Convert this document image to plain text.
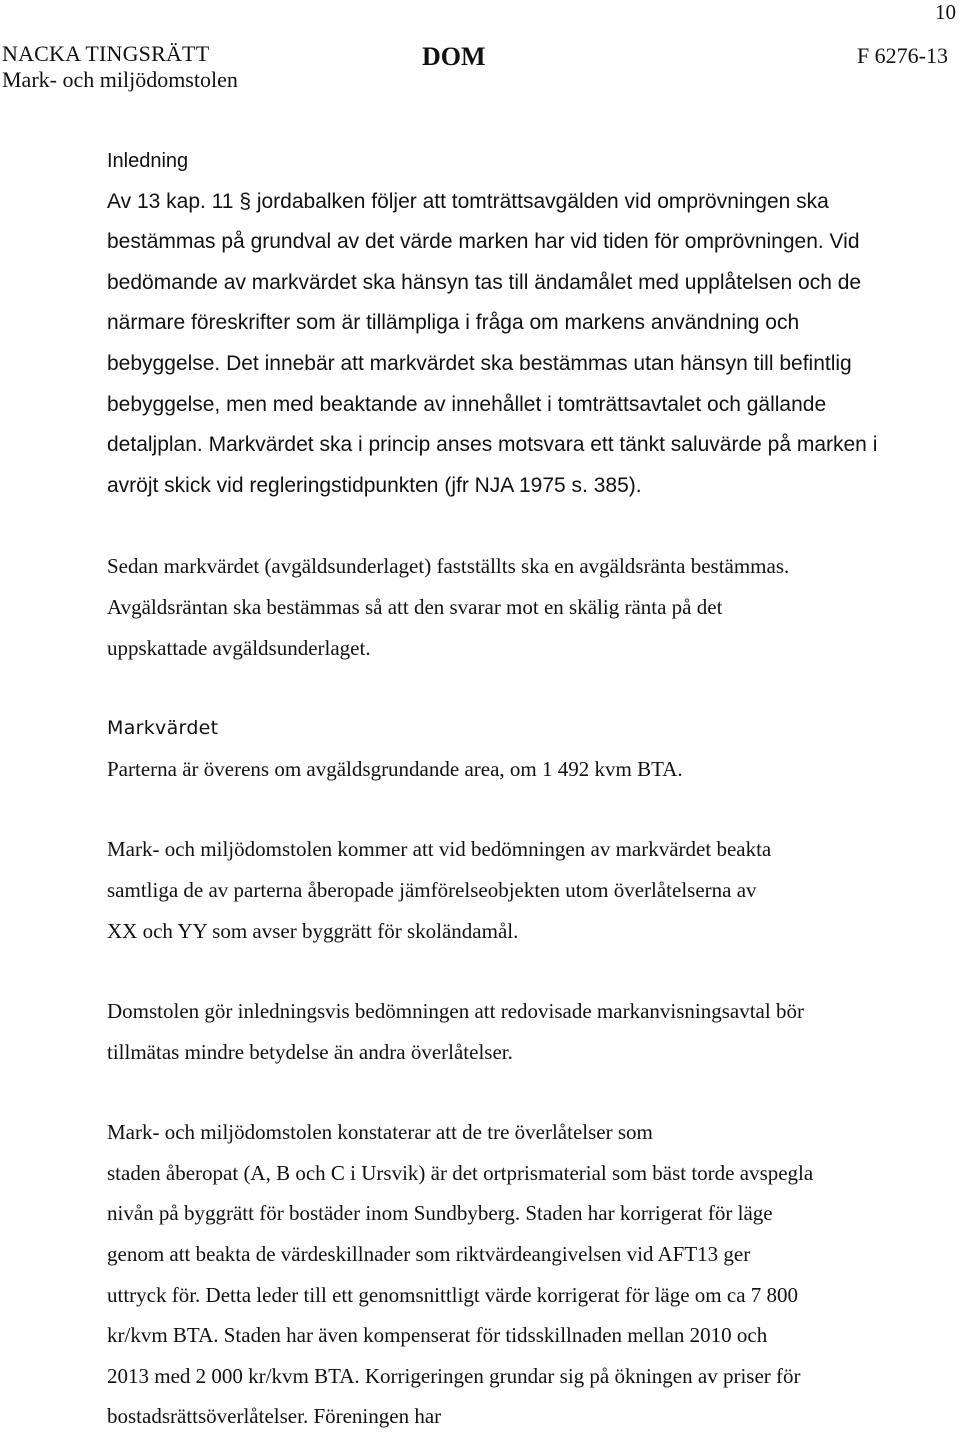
10
NACKA TINGSRÄTT
Mark- och miljödomstolen
DOM	F 6276-13
Inledning

Av 13 kap. 11 § jordabalken följer att tomträttsavgälden vid omprövningen ska

bestämmas på grundval av det värde marken har vid tiden för omprövningen. Vid

bedömande av markvärdet ska hänsyn tas till ändamålet med upplåtelsen och de

närmare föreskrifter som är tillämpliga i fråga om markens användning och

bebyggelse. Det innebär att markvärdet ska bestämmas utan hänsyn till befintlig

bebyggelse, men med beaktande av innehållet i tomträttsavtalet och gällande

detaljplan. Markvärdet ska i princip anses motsvara ett tänkt saluvärde på marken i

avröjt skick vid regleringstidpunkten (jfr NJA 1975 s. 385).

Sedan markvärdet (avgäldsunderlaget) fastställts ska en avgäldsränta bestämmas.

Avgäldsräntan ska bestämmas så att den svarar mot en skälig ränta på det

uppskattade avgäldsunderlaget.

Markvärdet

Parterna är överens om avgäldsgrundande area, om 1 492 kvm BTA.

Mark- och miljödomstolen kommer att vid bedömningen av markvärdet beakta

samtliga de av parterna åberopade jämförelseobjekten utom överlåtelserna av

XX och YY som avser byggrätt för skoländamål.

Domstolen gör inledningsvis bedömningen att redovisade markanvisningsavtal bör

tillmätas mindre betydelse än andra överlåtelser.

Mark- och miljödomstolen konstaterar att de tre överlåtelser som

staden åberopat (A, B och C i Ursvik) är det ortprismaterial som bäst torde avspegla

nivån på byggrätt för bostäder inom Sundbyberg. Staden har korrigerat för läge

genom att beakta de värdeskillnader som riktvärdeangivelsen vid AFT13 ger

uttryck för. Detta leder till ett genomsnittligt värde korrigerat för läge om ca 7 800

kr/kvm BTA. Staden har även kompenserat för tidsskillnaden mellan 2010 och

2013 med 2 000 kr/kvm BTA. Korrigeringen grundar sig på ökningen av priser för

bostadsrättsöverlåtelser. Föreningen har
